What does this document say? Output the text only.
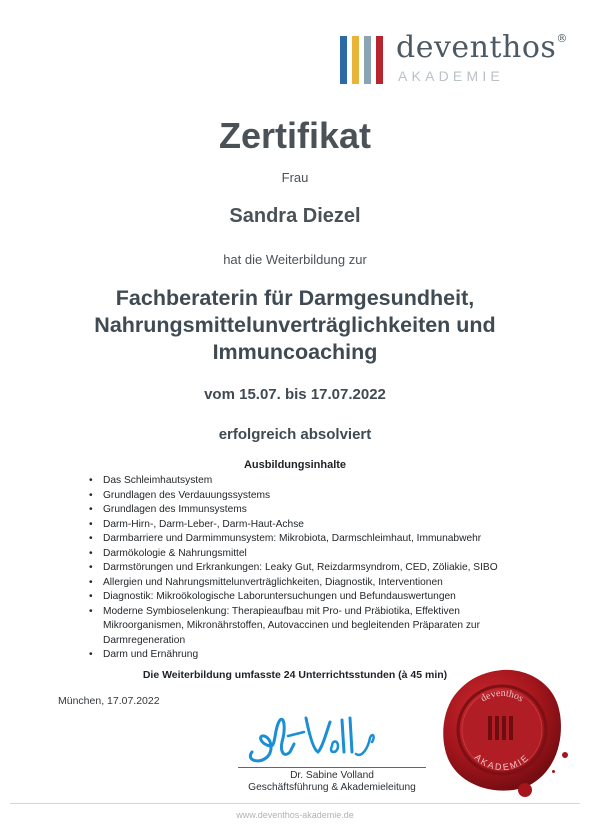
deventhos®
AKADEMIE
Zertifikat
Frau
Sandra Diezel
hat die Weiterbildung zur
Fachberaterin für Darmgesundheit,
Nahrungsmittelunverträglichkeiten und
Immuncoaching
vom 15.07. bis 17.07.2022
erfolgreich absolviert
Ausbildungsinhalte
• Das Schleimhautsystem
• Grundlagen des Verdauungssystems
• Grundlagen des Immunsystems
• Darm-Hirn-, Darm-Leber-, Darm-Haut-Achse
• Darmbarriere und Darmimmunsystem: Mikrobiota, Darmschleimhaut, Immunabwehr
• Darmökologie & Nahrungsmittel
• Darmstörungen und Erkrankungen: Leaky Gut, Reizdarmsyndrom, CED, Zöliakie, SIBO
• Allergien und Nahrungsmittelunverträglichkeiten, Diagnostik, Interventionen
• Diagnostik: Mikroökologische Laboruntersuchungen und Befundauswertungen
• Moderne Symbioselenkung: Therapieaufbau mit Pro- und Präbiotika, Effektiven Mikroorganismen, Mikronährstoffen, Autovaccinen und begleitenden Präparaten zur Darmregeneration
• Darm und Ernährung
Die Weiterbildung umfasste 24 Unterrichtsstunden (à 45 min)
München, 17.07.2022
Dr. Sabine Volland
Geschäftsführung & Akademieleitung
deventhos
AKADEMIE
www.deventhos-akademie.de
